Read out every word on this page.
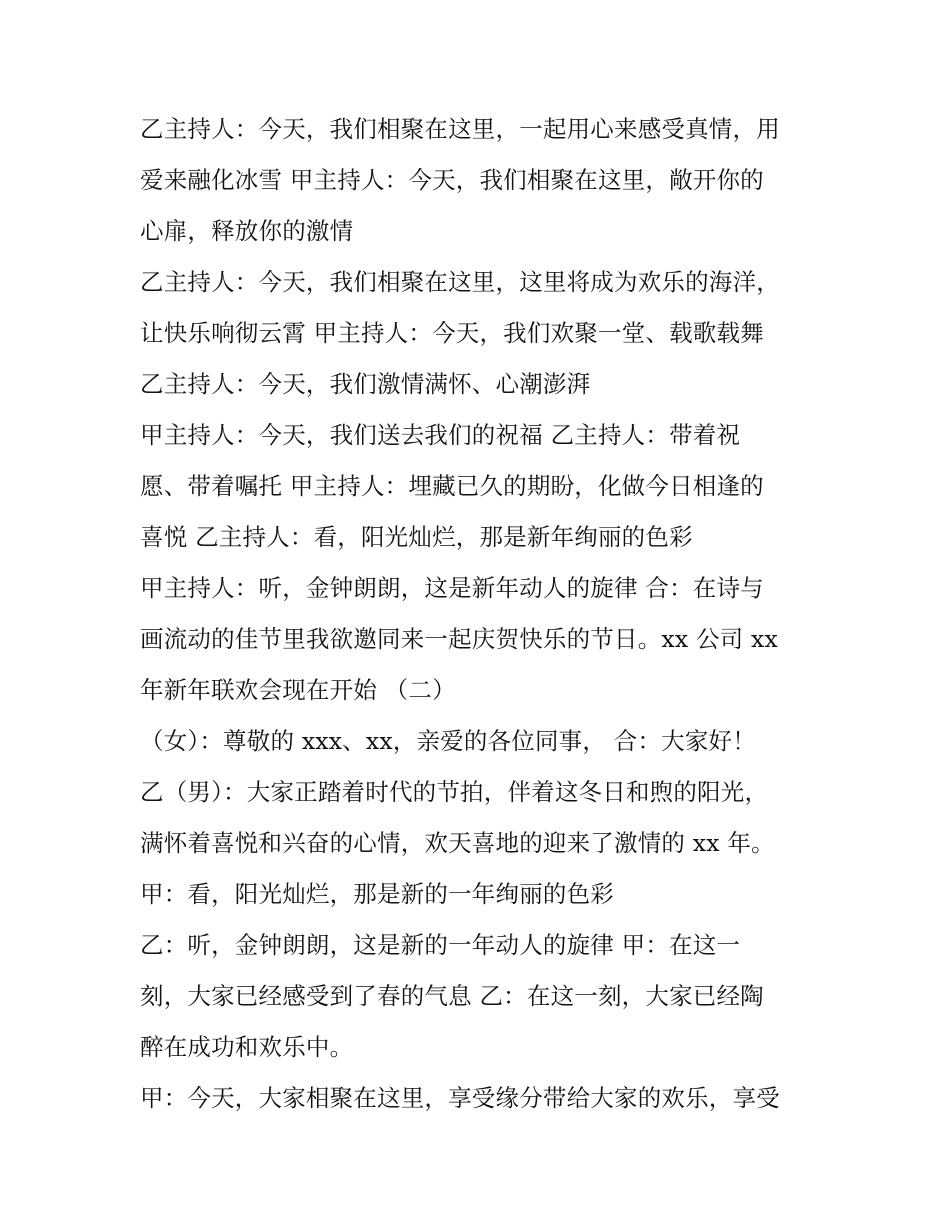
乙主持人：今天，我们相聚在这里，一起用心来感受真情，用
爱来融化冰雪 甲主持人：今天，我们相聚在这里，敞开你的
心扉，释放你的激情
乙主持人：今天，我们相聚在这里，这里将成为欢乐的海洋，
让快乐响彻云霄 甲主持人：今天，我们欢聚一堂、载歌载舞
乙主持人：今天，我们激情满怀、心潮澎湃
甲主持人：今天，我们送去我们的祝福 乙主持人：带着祝
愿、带着嘱托 甲主持人：埋藏已久的期盼，化做今日相逢的
喜悦 乙主持人：看，阳光灿烂，那是新年绚丽的色彩
甲主持人：听，金钟朗朗，这是新年动人的旋律 合：在诗与
画流动的佳节里我欲邀同来一起庆贺快乐的节日。xx 公司 xx
年新年联欢会现在开始 （二）
（女）：尊敬的 xxx、xx，亲爱的各位同事， 合：大家好！
乙（男）：大家正踏着时代的节拍，伴着这冬日和煦的阳光，
满怀着喜悦和兴奋的心情，欢天喜地的迎来了激情的 xx 年。
甲：看，阳光灿烂，那是新的一年绚丽的色彩
乙：听，金钟朗朗，这是新的一年动人的旋律 甲：在这一
刻，大家已经感受到了春的气息 乙：在这一刻，大家已经陶
醉在成功和欢乐中。
甲：今天，大家相聚在这里，享受缘分带给大家的欢乐，享受
